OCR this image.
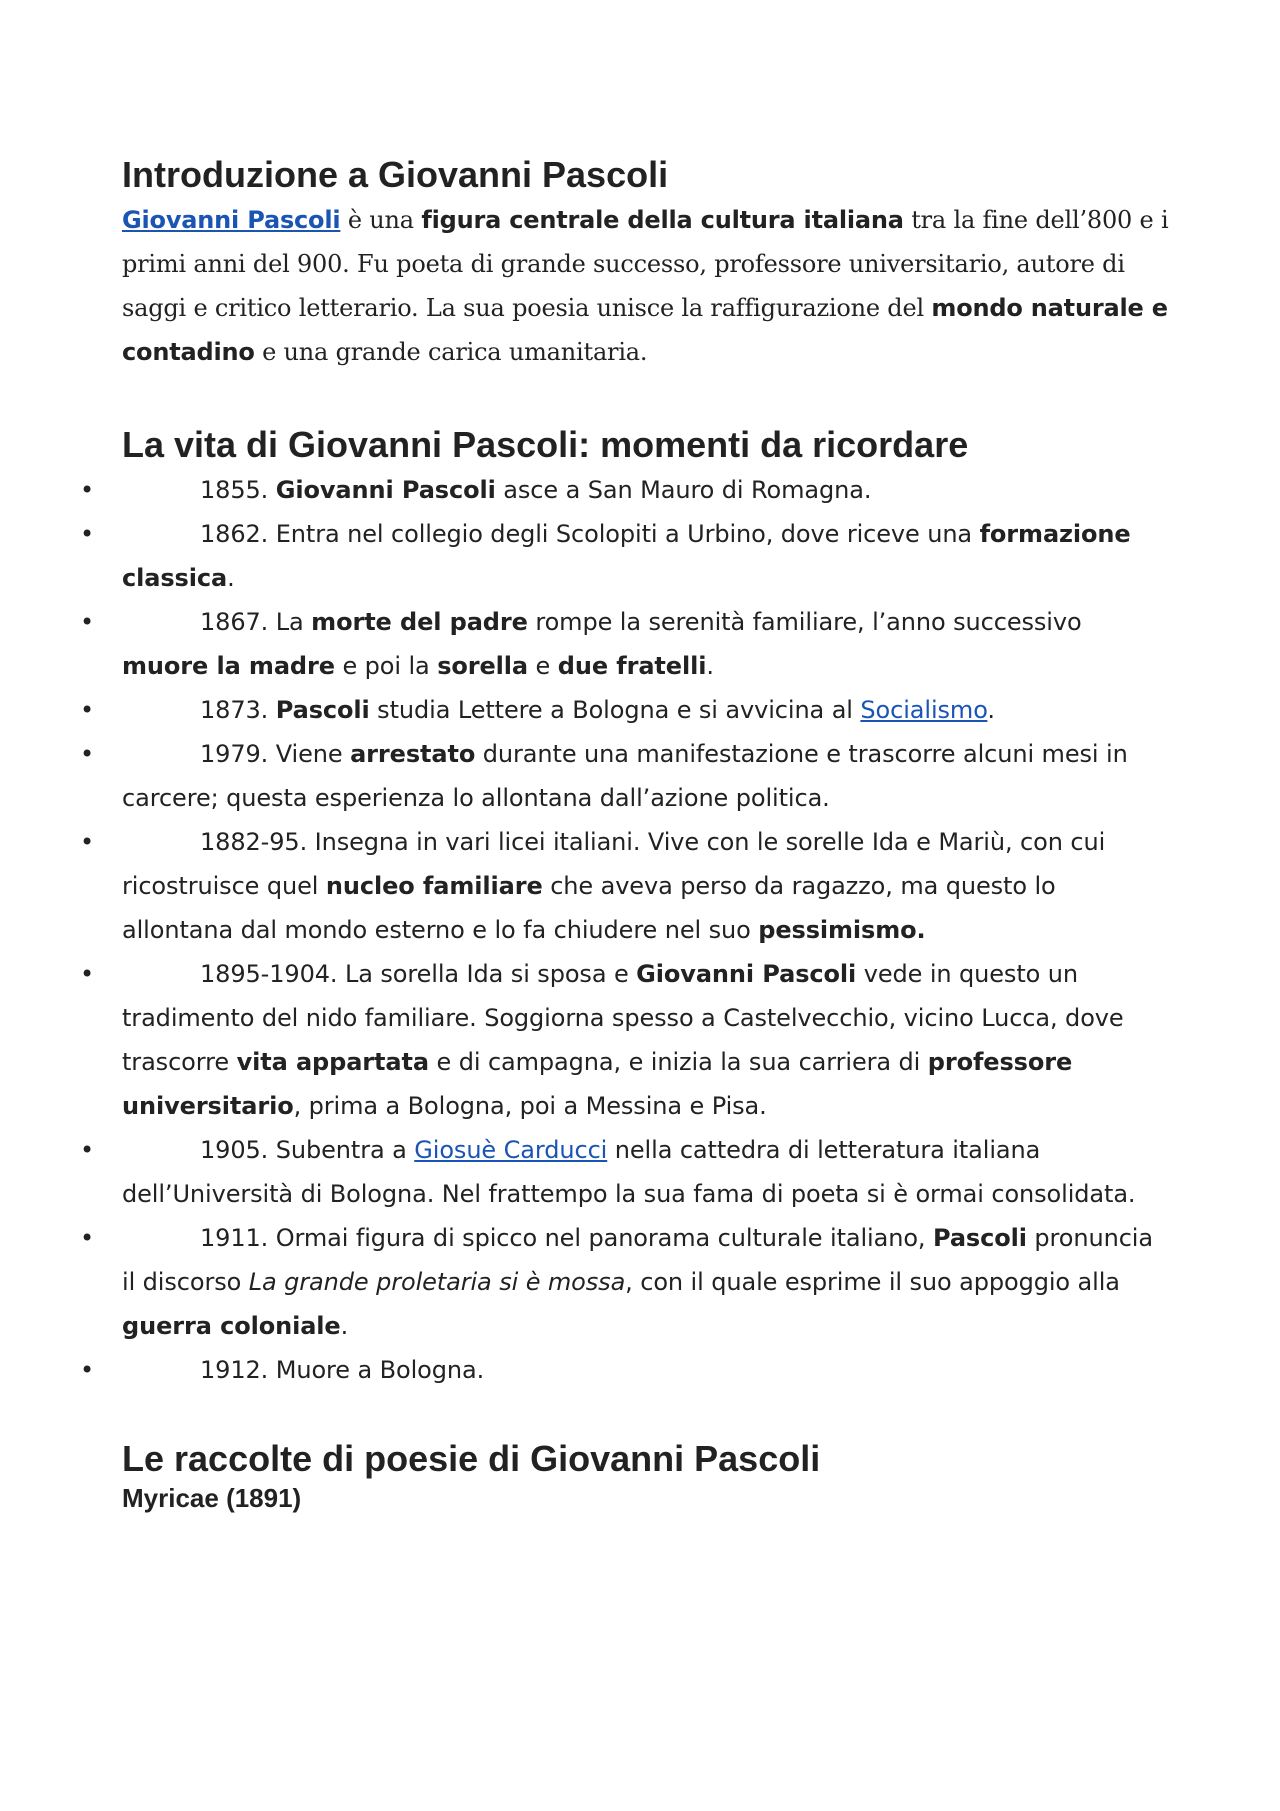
Introduzione a Giovanni Pascoli

Giovanni Pascoli è una figura centrale della cultura italiana tra la fine dell’800 e i primi anni del 900. Fu poeta di grande successo, professore universitario, autore di saggi e critico letterario. La sua poesia unisce la raffigurazione del mondo naturale e contadino e una grande carica umanitaria.

La vita di Giovanni Pascoli: momenti da ricordare
•	1855. Giovanni Pascoli asce a San Mauro di Romagna.
•	1862. Entra nel collegio degli Scolopiti a Urbino, dove riceve una formazione classica.
•	1867. La morte del padre rompe la serenità familiare, l’anno successivo muore la madre e poi la sorella e due fratelli.
•	1873. Pascoli studia Lettere a Bologna e si avvicina al Socialismo.
•	1979. Viene arrestato durante una manifestazione e trascorre alcuni mesi in carcere; questa esperienza lo allontana dall’azione politica.
•	1882-95. Insegna in vari licei italiani. Vive con le sorelle Ida e Mariù, con cui ricostruisce quel nucleo familiare che aveva perso da ragazzo, ma questo lo allontana dal mondo esterno e lo fa chiudere nel suo pessimismo.
•	1895-1904. La sorella Ida si sposa e Giovanni Pascoli vede in questo un tradimento del nido familiare. Soggiorna spesso a Castelvecchio, vicino Lucca, dove trascorre vita appartata e di campagna, e inizia la sua carriera di professore universitario, prima a Bologna, poi a Messina e Pisa.
•	1905. Subentra a Giosuè Carducci nella cattedra di letteratura italiana dell’Università di Bologna. Nel frattempo la sua fama di poeta si è ormai consolidata.
•	1911. Ormai figura di spicco nel panorama culturale italiano, Pascoli pronuncia il discorso La grande proletaria si è mossa, con il quale esprime il suo appoggio alla guerra coloniale.
•	1912. Muore a Bologna.
Le raccolte di poesie di Giovanni Pascoli
Myricae (1891)
